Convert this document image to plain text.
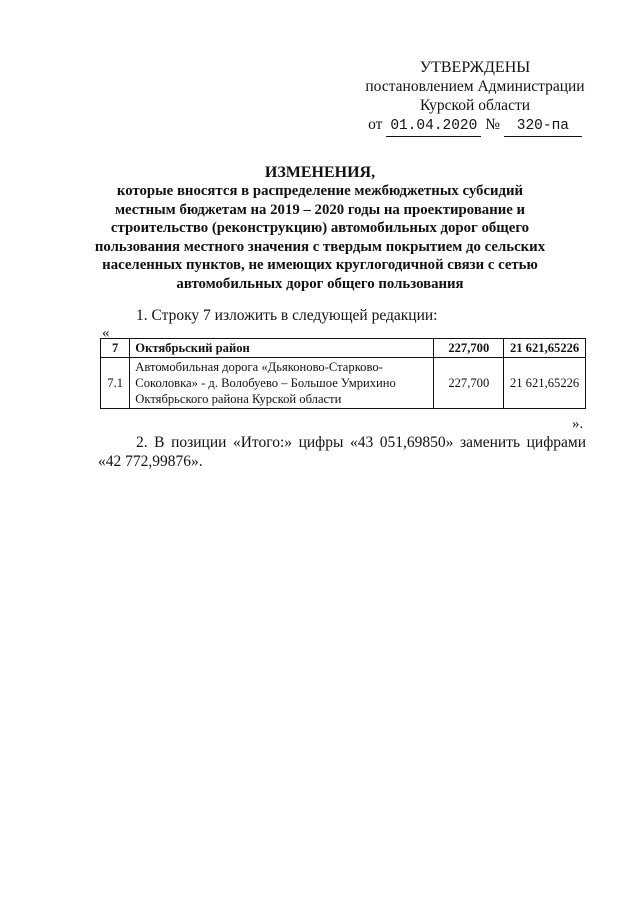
УТВЕРЖДЕНЫ
постановлением Администрации
Курской области
от 01.04.2020 № 320-па
ИЗМЕНЕНИЯ,
которые вносятся в распределение межбюджетных субсидий местным бюджетам на 2019 – 2020 годы на проектирование и строительство (реконструкцию) автомобильных дорог общего пользования местного значения с твердым покрытием до сельских населенных пунктов, не имеющих круглогодичной связи с сетью автомобильных дорог общего пользования
1. Строку 7 изложить в следующей редакции:
«
7	Октябрьский район	227,700	21 621,65226
7.1	Автомобильная дорога «Дьяконово-Старково-Соколовка» - д. Волобуево – Большое Умрихино Октябрьского района Курской области	227,700	21 621,65226
».
2. В позиции «Итого:» цифры «43 051,69850» заменить цифрами «42 772,99876».
